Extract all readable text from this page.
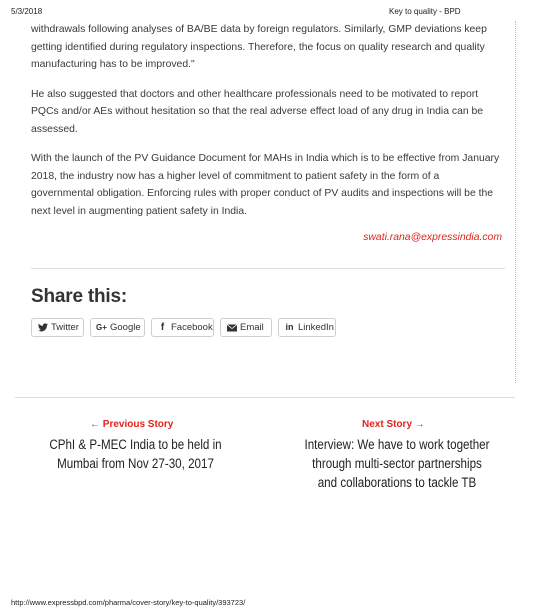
5/3/2018	Key to quality - BPD

withdrawals following analyses of BA/BE data by foreign regulators. Similarly, GMP deviations keep getting identified during regulatory inspections. Therefore, the focus on quality research and quality manufacturing has to be improved."

He also suggested that doctors and other healthcare professionals need to be motivated to report PQCs and/or AEs without hesitation so that the real adverse effect load of any drug in India can be assessed.

With the launch of the PV Guidance Document for MAHs in India which is to be effective from January 2018, the industry now has a higher level of commitment to patient safety in the form of a governmental obligation. Enforcing rules with proper conduct of PV audits and inspections will be the next level in augmenting patient safety in India.

swati.rana@expressindia.com
Share this:
Twitter	G+ Google	f Facebook	Email	in LinkedIn
← Previous Story
CPhI & P-MEC India to be held in Mumbai from Nov 27-30, 2017
Next Story →
Interview: We have to work together through multi-sector partnerships and collaborations to tackle TB
http://www.expressbpd.com/pharma/cover-story/key-to-quality/393723/
